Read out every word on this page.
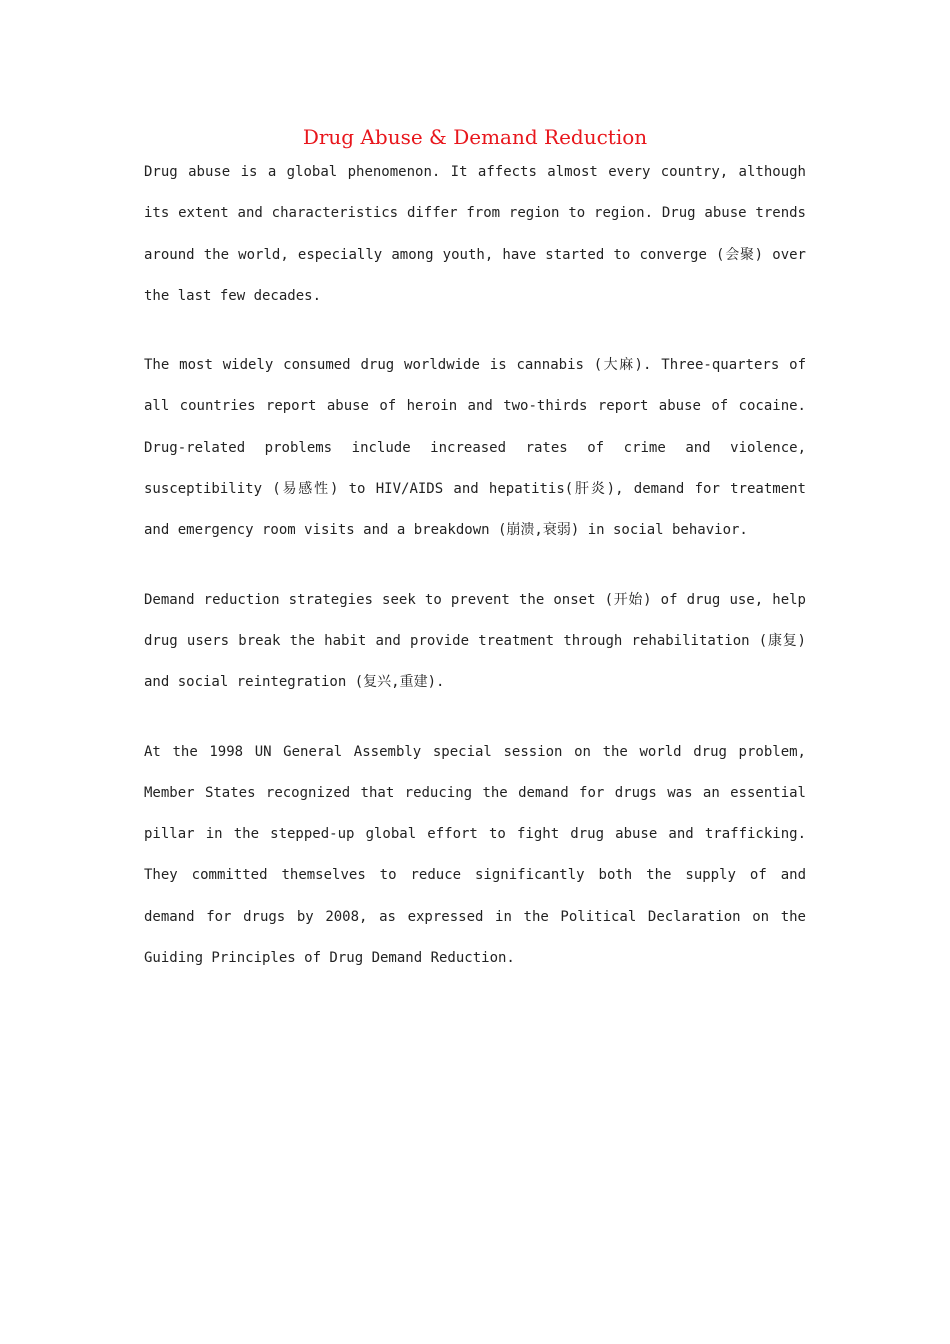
Drug Abuse & Demand Reduction

Drug abuse is a global phenomenon. It affects almost every country, although its extent and characteristics differ from region to region. Drug abuse trends around the world, especially among youth, have started to converge (会聚) over the last few decades.

The most widely consumed drug worldwide is cannabis (大麻). Three-quarters of all countries report abuse of heroin and two-thirds report abuse of cocaine. Drug-related problems include increased rates of crime and violence, susceptibility (易感性) to HIV/AIDS and hepatitis(肝炎), demand for treatment and emergency room visits and a breakdown (崩溃,衰弱) in social behavior.

Demand reduction strategies seek to prevent the onset (开始) of drug use, help drug users break the habit and provide treatment through rehabilitation (康复) and social reintegration (复兴,重建).

At the 1998 UN General Assembly special session on the world drug problem, Member States recognized that reducing the demand for drugs was an essential pillar in the stepped-up global effort to fight drug abuse and trafficking. They committed themselves to reduce significantly both the supply of and demand for drugs by 2008, as expressed in the Political Declaration on the Guiding Principles of Drug Demand Reduction.
